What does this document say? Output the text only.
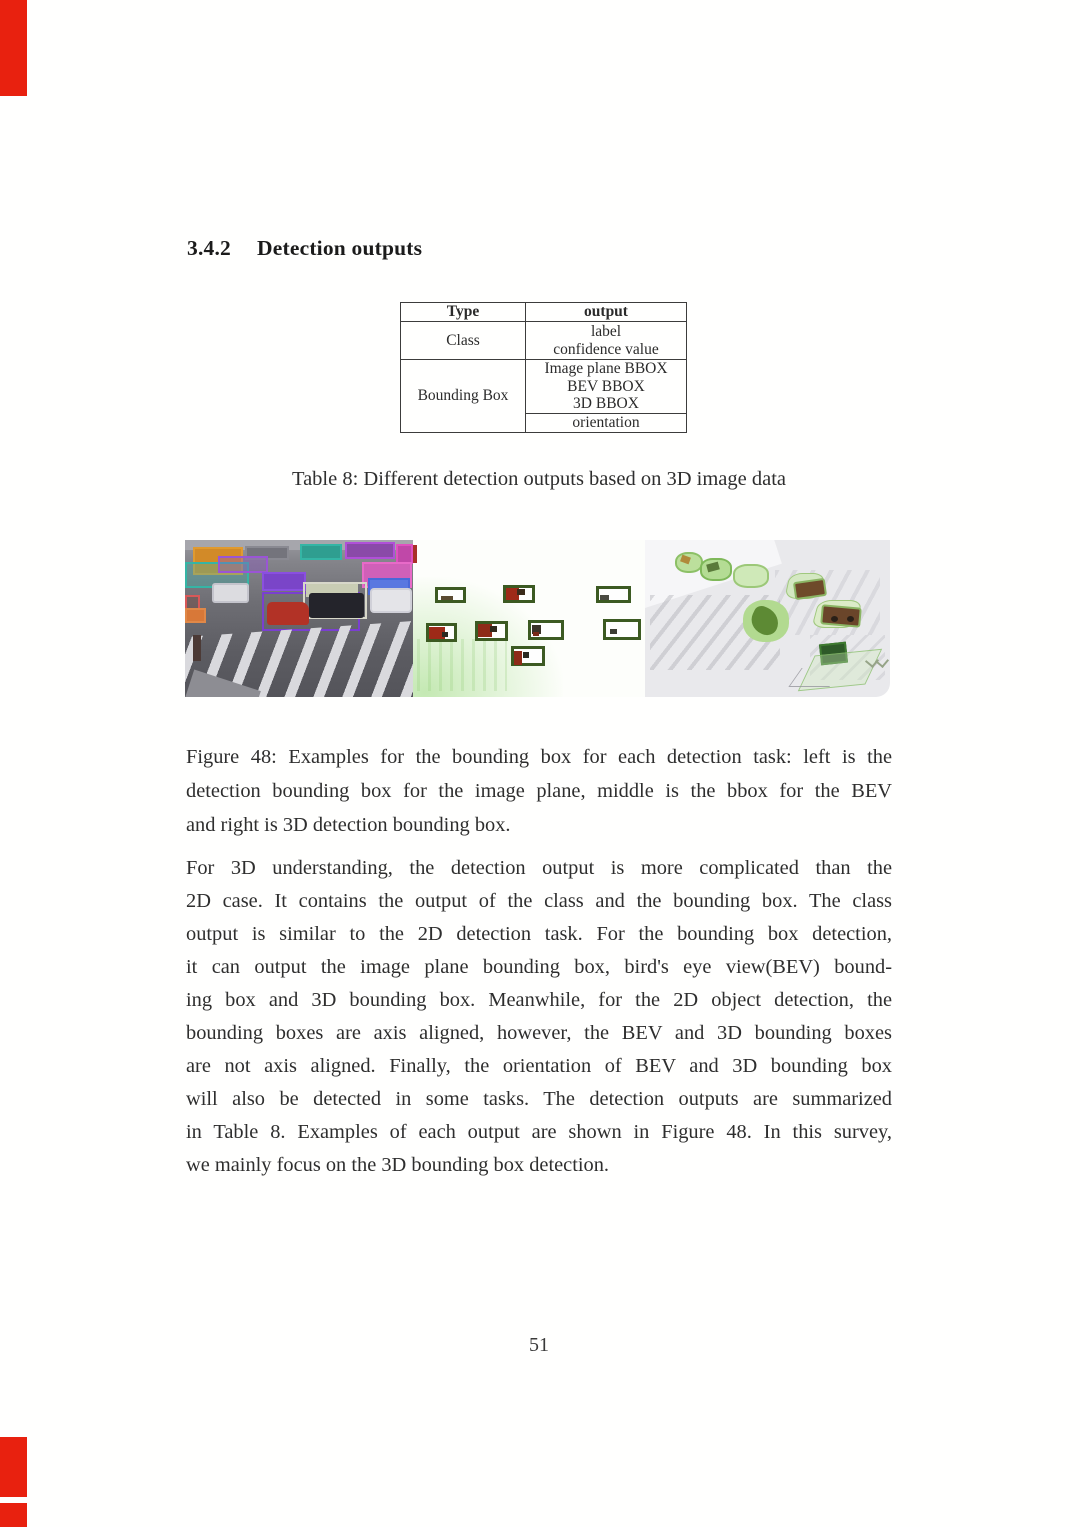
3.4.2 Detection outputs
Type	output
Class	label
confidence value

Bounding Box	Image plane BBOX
BEV BBOX
3D BBOX

	orientation
Table 8: Different detection outputs based on 3D image data
Figure 48: Examples for the bounding box for each detection task: left is the
detection bounding box for the image plane, middle is the bbox for the BEV
and right is 3D detection bounding box.
For 3D understanding, the detection output is more complicated than the
2D case. It contains the output of the class and the bounding box. The class
output is similar to the 2D detection task. For the bounding box detection,
it can output the image plane bounding box, bird's eye view(BEV) bound-
ing box and 3D bounding box. Meanwhile, for the 2D object detection, the
bounding boxes are axis aligned, however, the BEV and 3D bounding boxes
are not axis aligned. Finally, the orientation of BEV and 3D bounding box
will also be detected in some tasks. The detection outputs are summarized
in Table 8. Examples of each output are shown in Figure 48. In this survey,
we mainly focus on the 3D bounding box detection.
51
